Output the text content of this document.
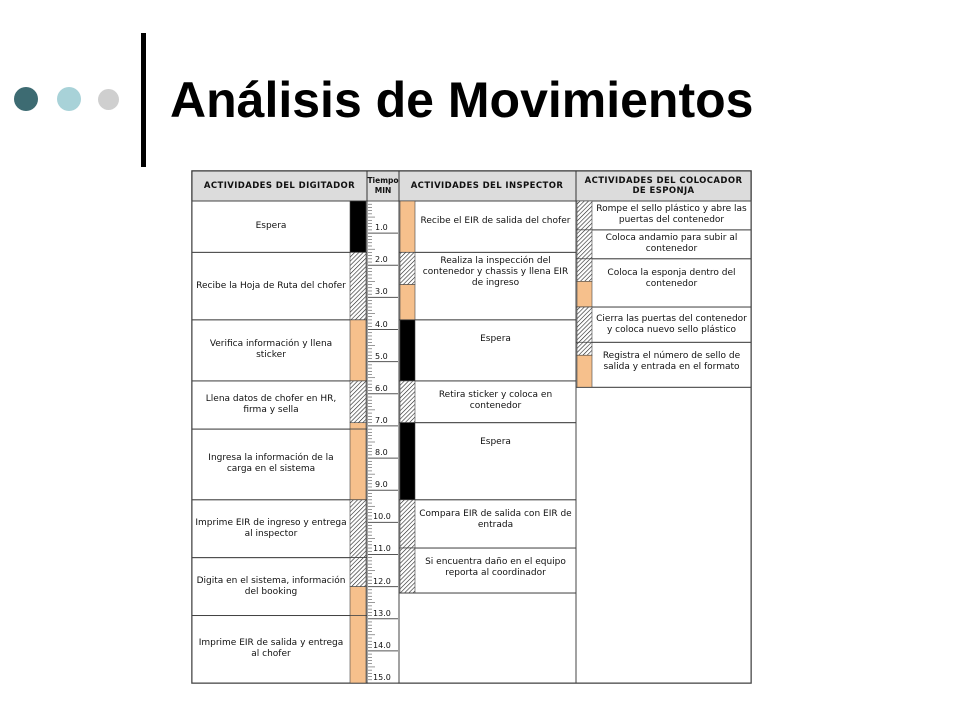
Análisis de Movimientos
ACTIVIDADES DEL DIGITADOR
Tiempo MIN	ACTIVIDADES DEL INSPECTOR	ACTIVIDADES DEL COLOCADOR DE ESPONJA
Espera
Recibe la Hoja de Ruta del chofer
Verifica información y llena sticker
Llena datos de chofer en HR, firma y sella
Ingresa la información de la carga en el sistema
Imprime EIR de ingreso y entrega al inspector
Digita en el sistema, información del booking
Imprime EIR de salida y entrega al chofer
Recibe el EIR de salida del chofer
Realiza la inspección del contenedor y chassis y llena EIR de ingreso
Espera
Retira sticker y coloca en contenedor
Espera
Compara EIR de salida con EIR de entrada
Si encuentra daño en el equipo reporta al coordinador
Rompe el sello plástico y abre las puertas del contenedor
Coloca andamio para subir al contenedor
Coloca la esponja dentro del contenedor
Cierra las puertas del contenedor y coloca nuevo sello plástico
Registra el número de sello de salida y entrada en el formato
1.0
2.0
3.0
4.0
5.0
6.0
7.0
8.0
9.0
10.0
11.0
12.0
13.0
14.0
15.0
